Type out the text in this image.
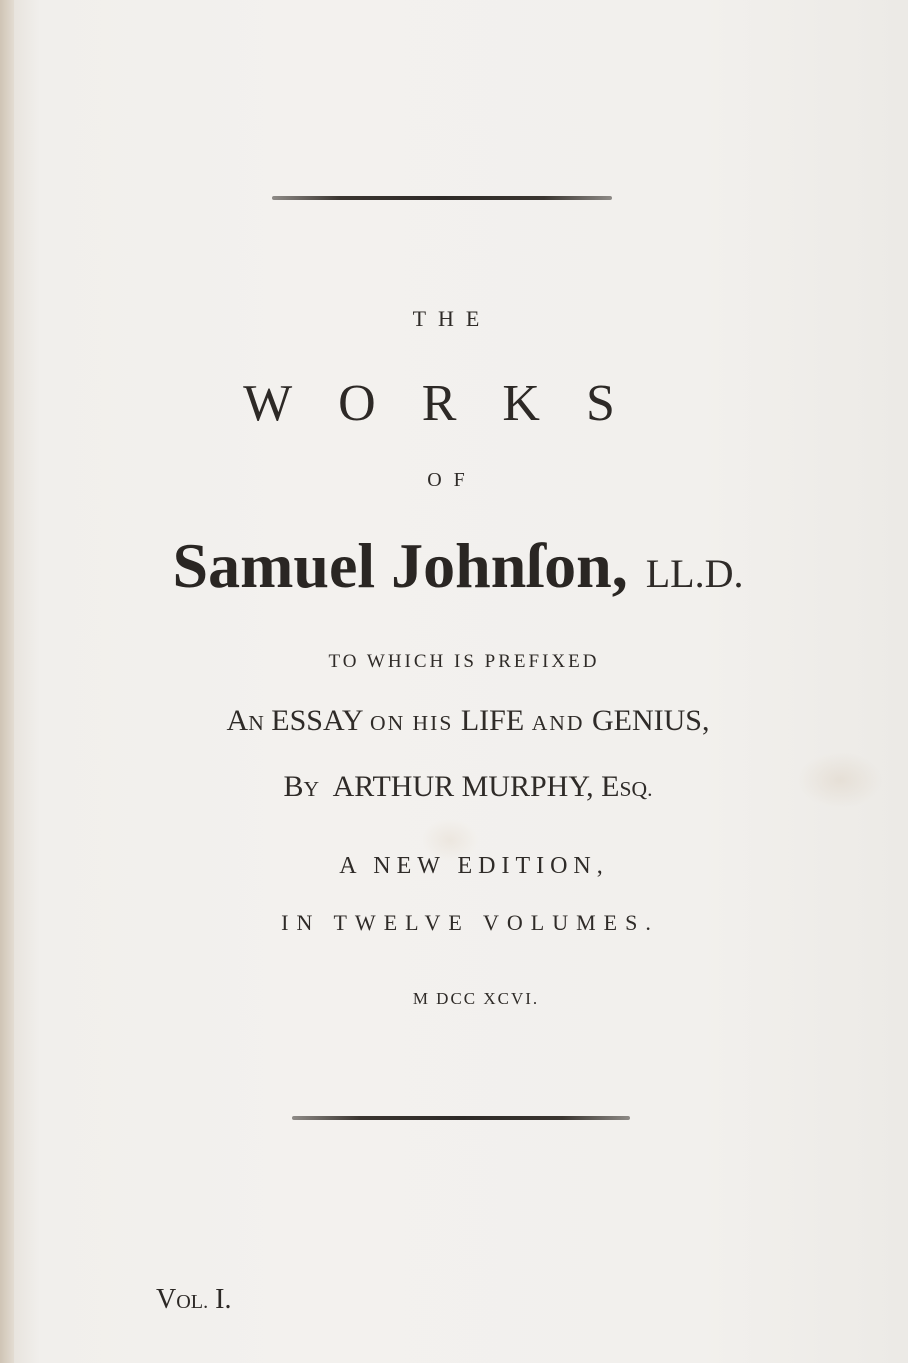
THE
WORKS
OF
Samuel Johnſon, LL.D.
TO WHICH IS PREFIXED
AN ESSAY ON HIS LIFE AND GENIUS,
BY ARTHUR MURPHY, ESQ.
A NEW EDITION,
IN TWELVE VOLUMES.
M DCC XCVI.
VOL. I.
